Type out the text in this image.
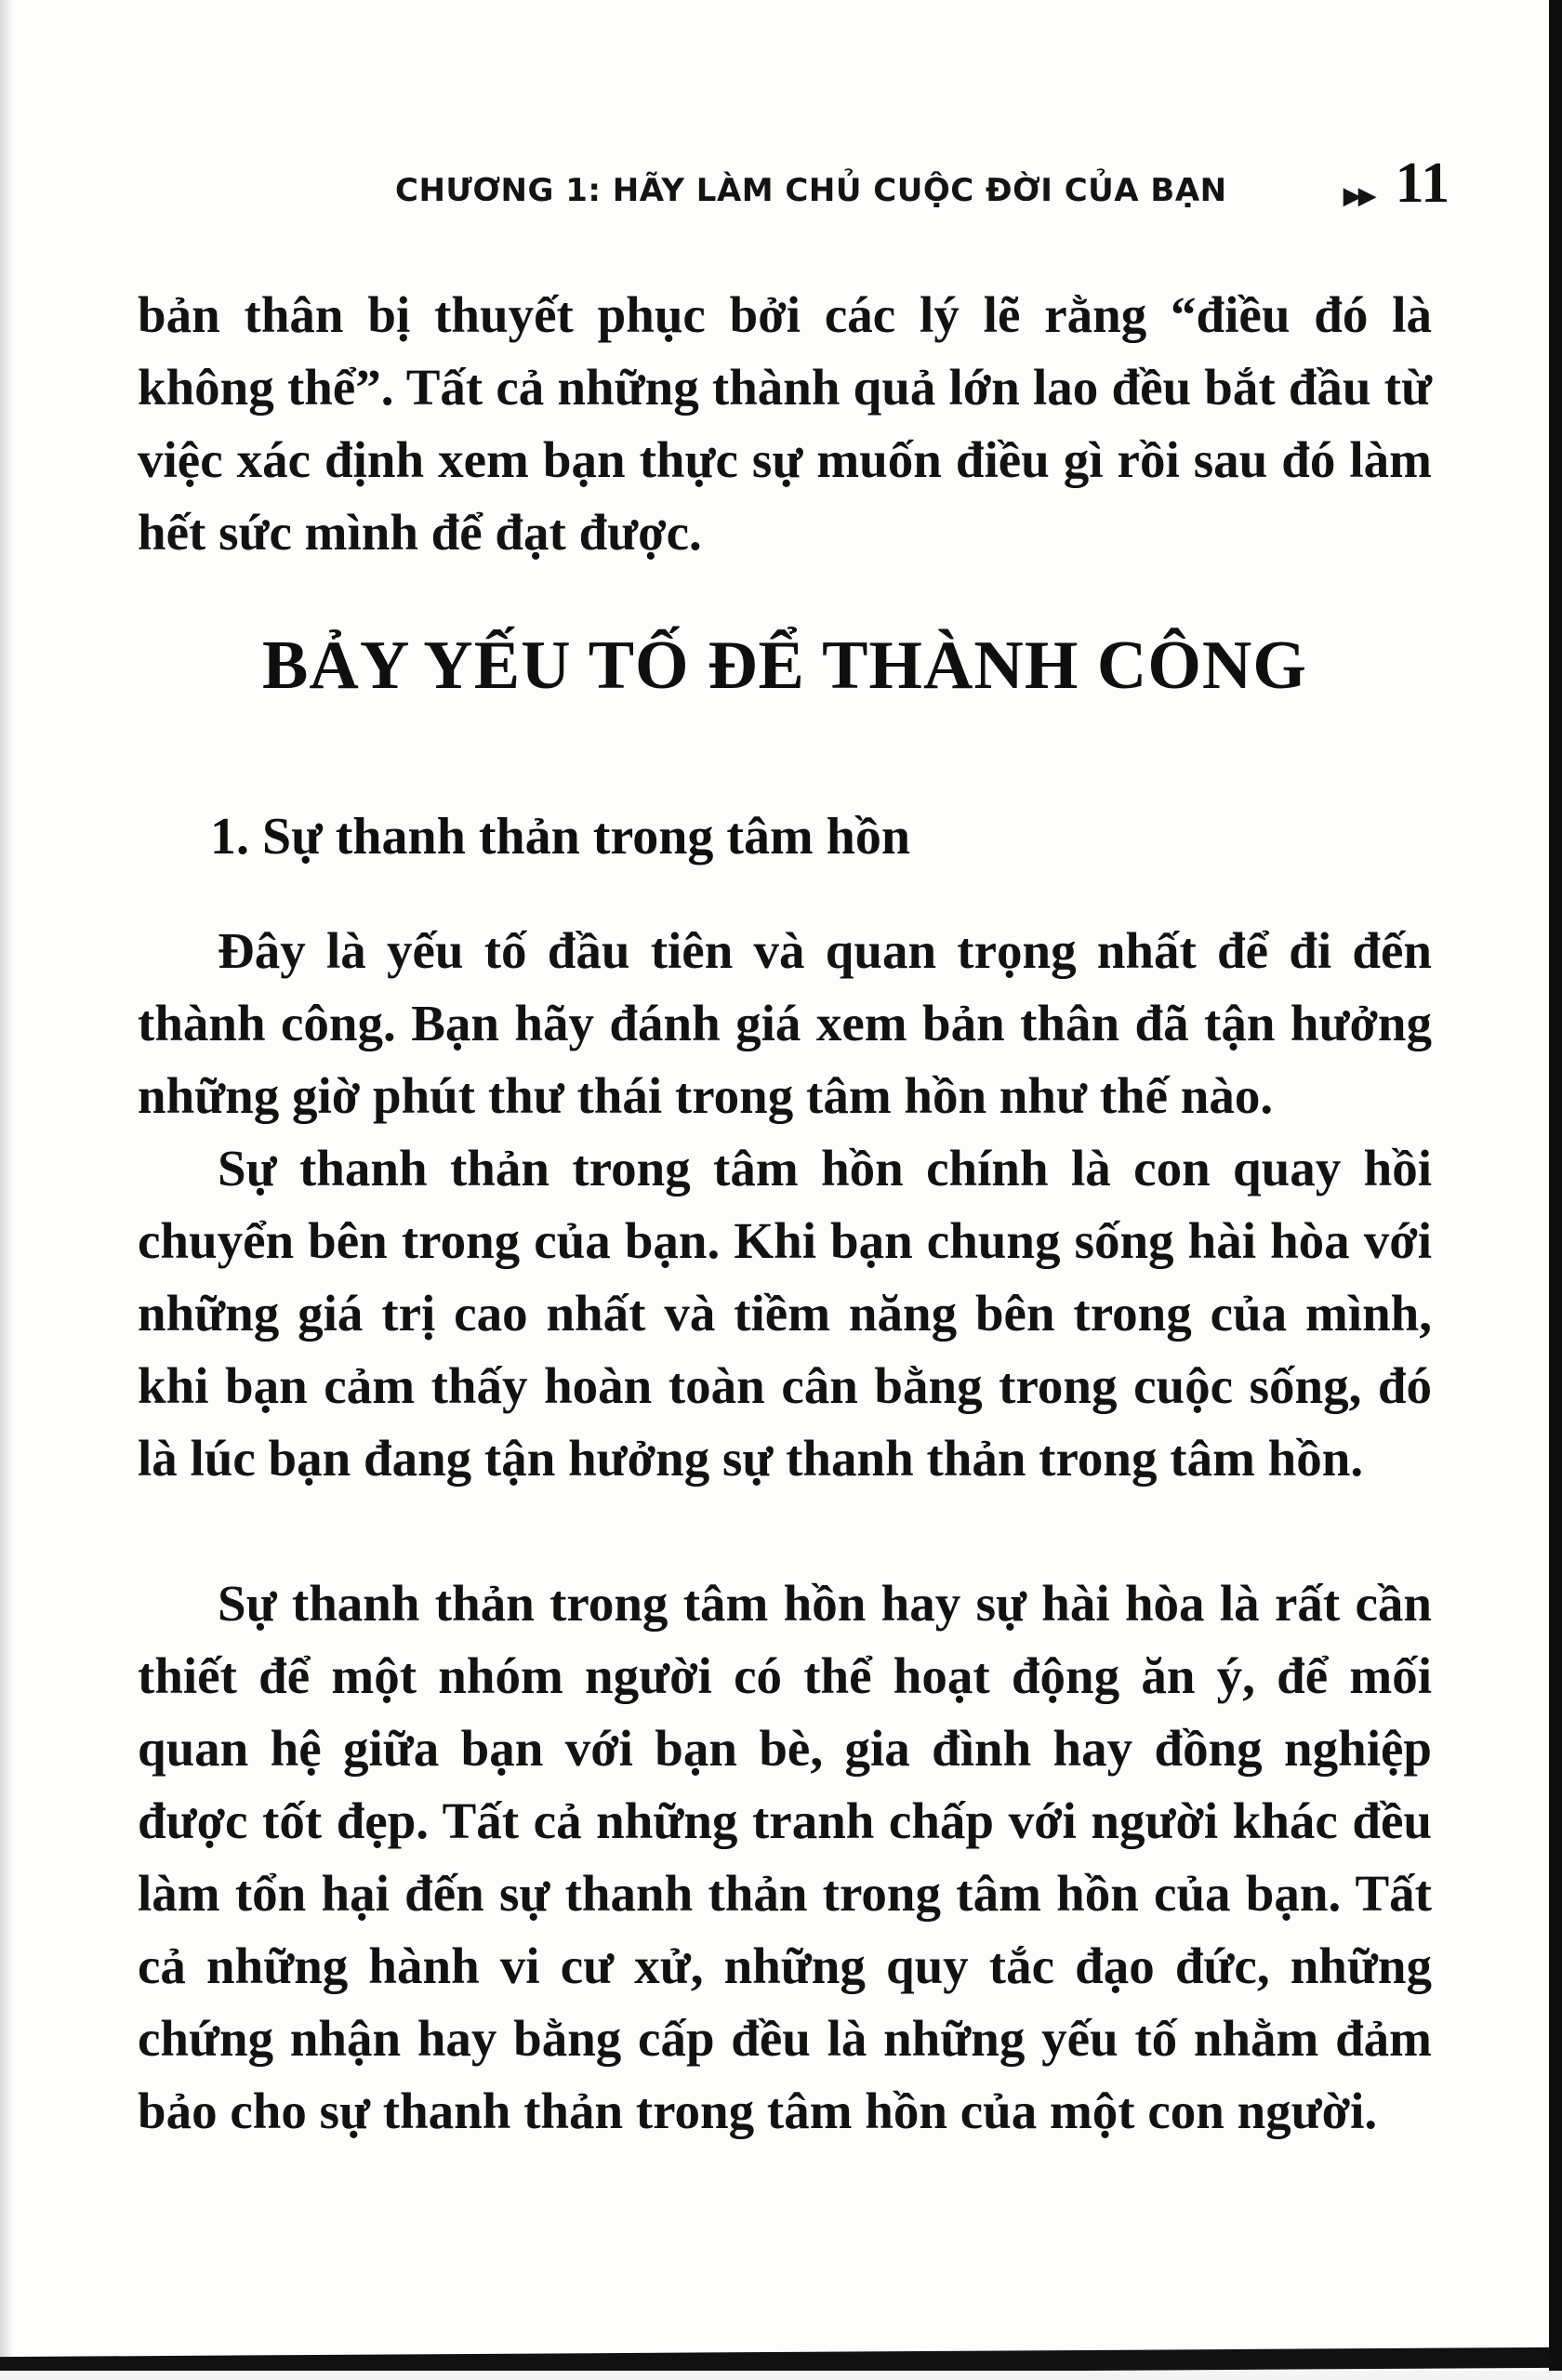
CHƯƠNG 1: HÃY LÀM CHỦ CUỘC ĐỜI CỦA BẠN	▶▶ 11

bản thân bị thuyết phục bởi các lý lẽ rằng “điều đó là không thể”. Tất cả những thành quả lớn lao đều bắt đầu từ việc xác định xem bạn thực sự muốn điều gì rồi sau đó làm hết sức mình để đạt được.

BẢY YẾU TỐ ĐỂ THÀNH CÔNG
1. Sự thanh thản trong tâm hồn

Đây là yếu tố đầu tiên và quan trọng nhất để đi đến thành công. Bạn hãy đánh giá xem bản thân đã tận hưởng những giờ phút thư thái trong tâm hồn như thế nào.

Sự thanh thản trong tâm hồn chính là con quay hồi chuyển bên trong của bạn. Khi bạn chung sống hài hòa với những giá trị cao nhất và tiềm năng bên trong của mình, khi bạn cảm thấy hoàn toàn cân bằng trong cuộc sống, đó là lúc bạn đang tận hưởng sự thanh thản trong tâm hồn.

Sự thanh thản trong tâm hồn hay sự hài hòa là rất cần thiết để một nhóm người có thể hoạt động ăn ý, để mối quan hệ giữa bạn với bạn bè, gia đình hay đồng nghiệp được tốt đẹp. Tất cả những tranh chấp với người khác đều làm tổn hại đến sự thanh thản trong tâm hồn của bạn. Tất cả những hành vi cư xử, những quy tắc đạo đức, những chứng nhận hay bằng cấp đều là những yếu tố nhằm đảm bảo cho sự thanh thản trong tâm hồn của một con người.
